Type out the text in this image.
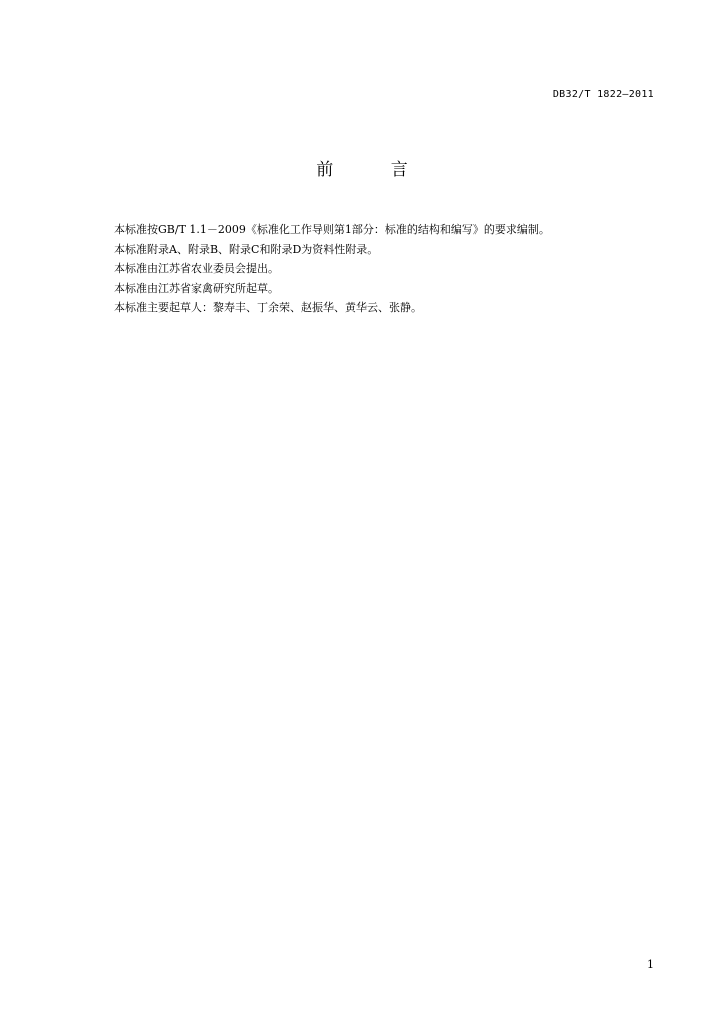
DB32/T 1822—2011
前 言

本标准按GB/T 1.1－2009《标准化工作导则第1部分：标准的结构和编写》的要求编制。

本标准附录A、附录B、附录C和附录D为资料性附录。

本标准由江苏省农业委员会提出。

本标准由江苏省家禽研究所起草。

本标准主要起草人：黎寿丰、丁余荣、赵振华、黄华云、张静。

1
